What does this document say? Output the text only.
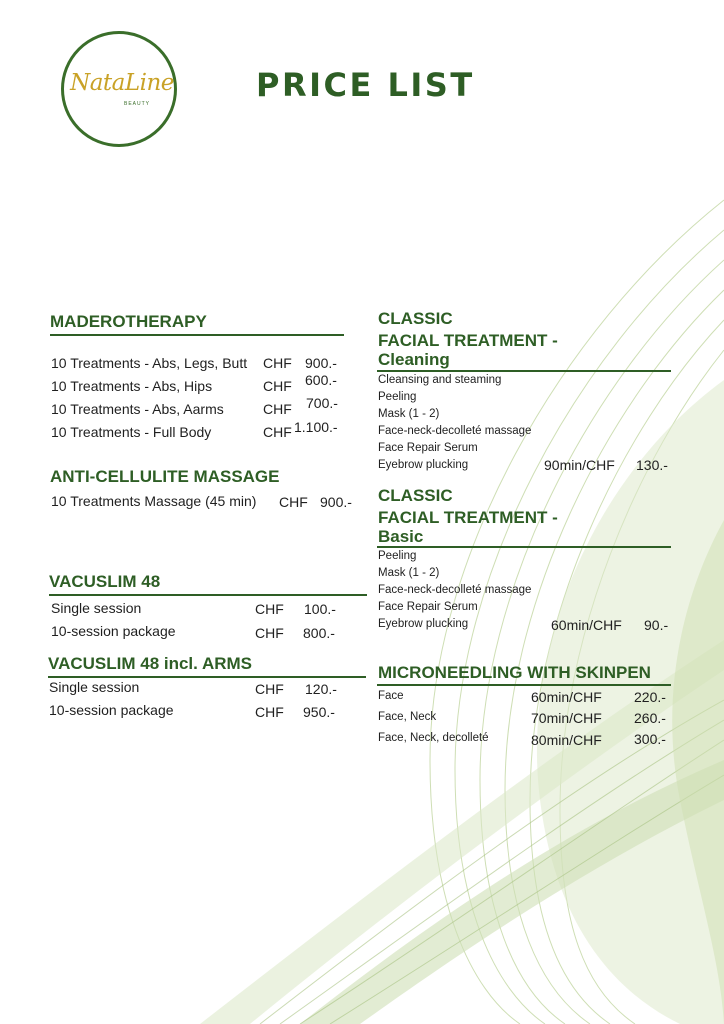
NataLine
BEAUTY	PRICE LIST
MADEROTHERAPY
10 Treatments - Abs, Legs, Butt CHF 900.-
10 Treatments - Abs, Hips	CHF 600.-
10 Treatments - Abs, Aarms	CHF 700.-
10 Treatments - Full Body	CHF 1.100.-
ANTI-CELLULITE MASSAGE
10 Treatments Massage (45 min) CHF 900.-
VACUSLIM 48
Single session	CHF 100.-
10-session package	CHF 800.-
VACUSLIM 48 incl. ARMS
Single session	CHF 120.-
10-session package	CHF 950.-
CLASSIC
FACIAL TREATMENT -
Cleaning
Cleansing and steaming
Peeling
Mask (1 - 2)
Face-neck-decolleté massage
Face Repair Serum
Eyebrow plucking	90min/CHF 130.-
CLASSIC
FACIAL TREATMENT -
Basic
Peeling
Mask (1 - 2)
Face-neck-decolleté massage
Face Repair Serum
Eyebrow plucking	60min/CHF 90.-
MICRONEEDLING WITH SKINPEN
Face	60min/CHF 220.-
Face, Neck	70min/CHF 260.-
Face, Neck, decolleté	80min/CHF 300.-
